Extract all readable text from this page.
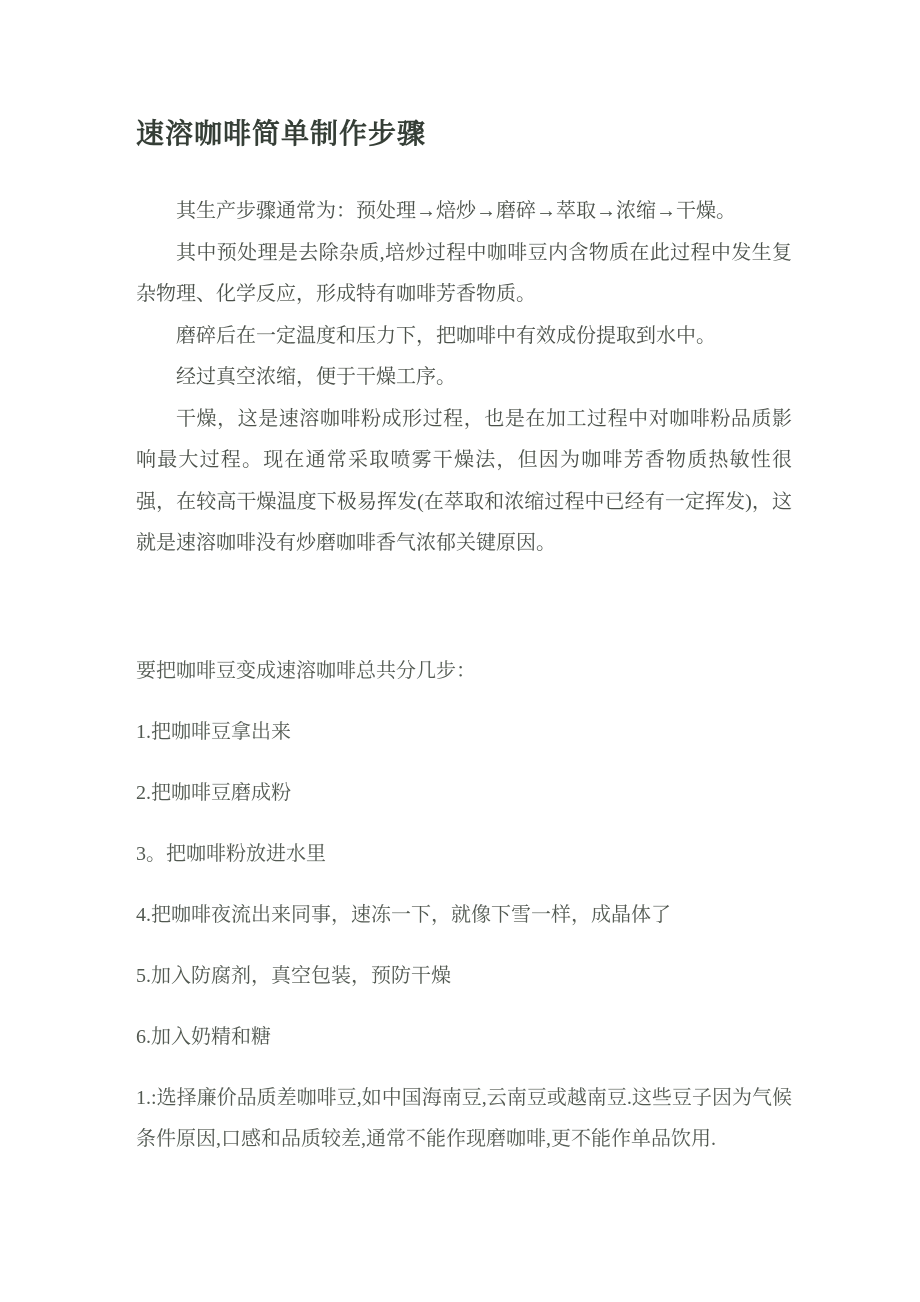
速溶咖啡简单制作步骤

其生产步骤通常为：预处理→焙炒→磨碎→萃取→浓缩→干燥。

其中预处理是去除杂质,培炒过程中咖啡豆内含物质在此过程中发生复杂物理、化学反应，形成特有咖啡芳香物质。

磨碎后在一定温度和压力下，把咖啡中有效成份提取到水中。

经过真空浓缩，便于干燥工序。

干燥，这是速溶咖啡粉成形过程，也是在加工过程中对咖啡粉品质影响最大过程。现在通常采取喷雾干燥法，但因为咖啡芳香物质热敏性很强，在较高干燥温度下极易挥发(在萃取和浓缩过程中已经有一定挥发)，这就是速溶咖啡没有炒磨咖啡香气浓郁关键原因。

要把咖啡豆变成速溶咖啡总共分几步：

1.把咖啡豆拿出来

2.把咖啡豆磨成粉

3。把咖啡粉放进水里

4.把咖啡夜流出来同事，速冻一下，就像下雪一样，成晶体了

5.加入防腐剂，真空包装，预防干燥

6.加入奶精和糖

1.:选择廉价品质差咖啡豆,如中国海南豆,云南豆或越南豆.这些豆子因为气候条件原因,口感和品质较差,通常不能作现磨咖啡,更不能作单品饮用.
